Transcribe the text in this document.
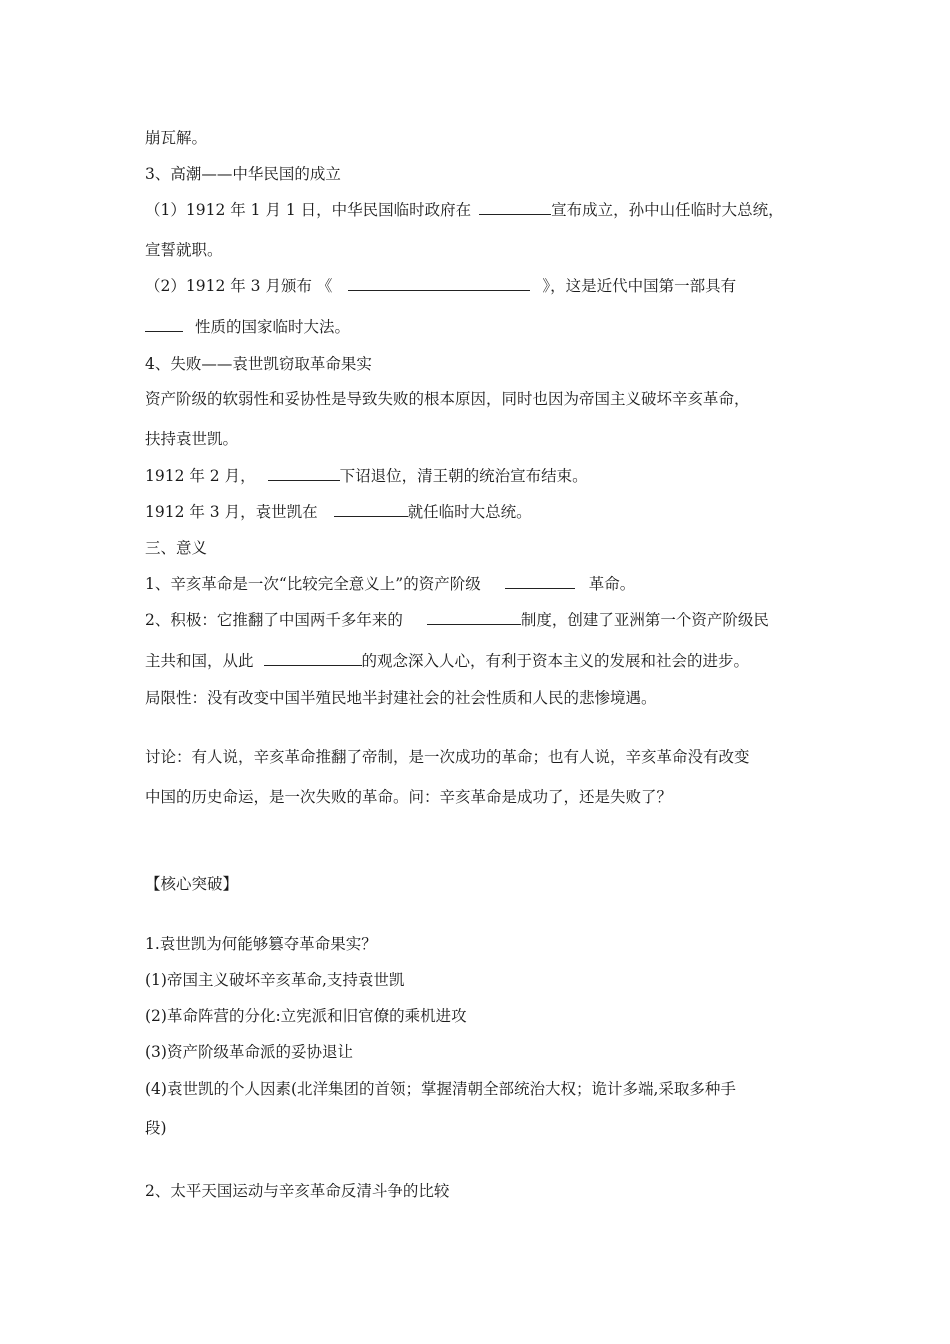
崩瓦解。
3、高潮——中华民国的成立
（1）1912 年 1 月 1 日，中华民国临时政府在	宣布成立，孙中山任临时大总统，
宣誓就职。
（2）1912 年 3 月颁布 《	》，这是近代中国第一部具有
性质的国家临时大法。
4、失败——袁世凯窃取革命果实
资产阶级的软弱性和妥协性是导致失败的根本原因，同时也因为帝国主义破坏辛亥革命，
扶持袁世凯。
1912 年 2 月，	下诏退位，清王朝的统治宣布结束。
1912 年 3 月，袁世凯在	就任临时大总统。
三、意义
1、辛亥革命是一次“比较完全意义上”的资产阶级	革命。
2、积极：它推翻了中国两千多年来的	制度，创建了亚洲第一个资产阶级民
主共和国，从此	的观念深入人心，有利于资本主义的发展和社会的进步。
局限性：没有改变中国半殖民地半封建社会的社会性质和人民的悲惨境遇。
讨论：有人说，辛亥革命推翻了帝制，是一次成功的革命；也有人说，辛亥革命没有改变
中国的历史命运，是一次失败的革命。问：辛亥革命是成功了，还是失败了？
【核心突破】
1.袁世凯为何能够篡夺革命果实？
(1)帝国主义破坏辛亥革命,支持袁世凯
(2)革命阵营的分化:立宪派和旧官僚的乘机进攻
(3)资产阶级革命派的妥协退让
(4)袁世凯的个人因素(北洋集团的首领；掌握清朝全部统治大权；诡计多端,采取多种手
段)
2、太平天国运动与辛亥革命反清斗争的比较
